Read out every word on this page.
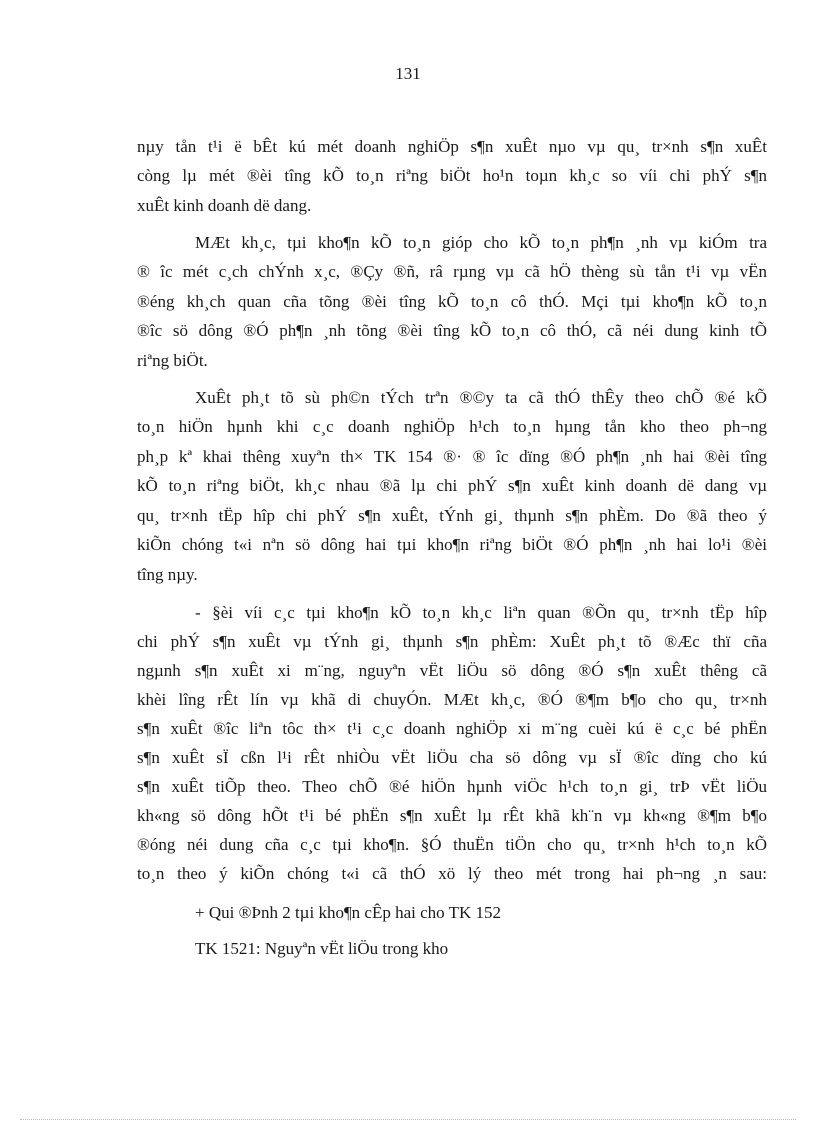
131
nµy tån t¹i ë bÊt kú mét doanh nghiÖp s¶n xuÊt nµo vµ qu¸ tr×nh s¶n xuÊt
còng lµ mét ®èi tîng kÕ to¸n riªng biÖt ho¹n toµn kh¸c so víi chi phÝ s¶n
xuÊt kinh doanh dë dang.
MÆt kh¸c, tµi kho¶n kÕ to¸n gióp cho kÕ to¸n ph¶n ¸nh vµ kiÓm tra
® îc mét c¸ch chÝnh x¸c, ®Çy ®ñ, râ rµng vµ cã hÖ thèng sù tån t¹i vµ vËn
®éng kh¸ch quan cña tõng ®èi tîng kÕ to¸n cô thÓ. Mçi tµi kho¶n kÕ to¸n
®îc sö dông ®Ó ph¶n ¸nh tõng ®èi tîng kÕ to¸n cô thÓ, cã néi dung kinh tÕ
riªng biÖt.
XuÊt ph¸t tõ sù ph©n tÝch trªn ®©y ta cã thÓ thÊy theo chÕ ®é kÕ
to¸n hiÖn hµnh khi c¸c doanh nghiÖp h¹ch to¸n hµng tån kho theo ph¬ng
ph¸p kª khai thêng xuyªn th× TK 154 ®· ® îc dïng ®Ó ph¶n ¸nh hai ®èi tîng
kÕ to¸n riªng biÖt, kh¸c nhau ®ã lµ chi phÝ s¶n xuÊt kinh doanh dë dang vµ
qu¸ tr×nh tËp hîp chi phÝ s¶n xuÊt, tÝnh gi¸ thµnh s¶n phÈm. Do ®ã theo ý
kiÕn chóng t«i nªn sö dông hai tµi kho¶n riªng biÖt ®Ó ph¶n ¸nh hai lo¹i ®èi
tîng nµy.
- §èi víi c¸c tµi kho¶n kÕ to¸n kh¸c liªn quan ®Õn qu¸ tr×nh tËp hîp
chi phÝ s¶n xuÊt vµ tÝnh gi¸ thµnh s¶n phÈm: XuÊt ph¸t tõ ®Æc thï cña
ngµnh s¶n xuÊt xi m¨ng, nguyªn vËt liÖu sö dông ®Ó s¶n xuÊt thêng cã
khèi lîng rÊt lín vµ khã di chuyÓn. MÆt kh¸c, ®Ó ®¶m b¶o cho qu¸ tr×nh
s¶n xuÊt ®îc liªn tôc th× t¹i c¸c doanh nghiÖp xi m¨ng cuèi kú ë c¸c bé phËn
s¶n xuÊt sÏ cßn l¹i rÊt nhiÒu vËt liÖu cha sö dông vµ sÏ ®îc dïng cho kú
s¶n xuÊt tiÕp theo. Theo chÕ ®é hiÖn hµnh viÖc h¹ch to¸n gi¸ trÞ vËt liÖu
kh«ng sö dông hÕt t¹i bé phËn s¶n xuÊt lµ rÊt khã kh¨n vµ kh«ng ®¶m b¶o
®óng néi dung cña c¸c tµi kho¶n. §Ó thuËn tiÖn cho qu¸ tr×nh h¹ch to¸n kÕ
to¸n theo ý kiÕn chóng t«i cã thÓ xö lý theo mét trong hai ph¬ng ¸n sau:
+ Qui ®Þnh 2 tµi kho¶n cÊp hai cho TK 152
TK 1521: Nguyªn vËt liÖu trong kho
